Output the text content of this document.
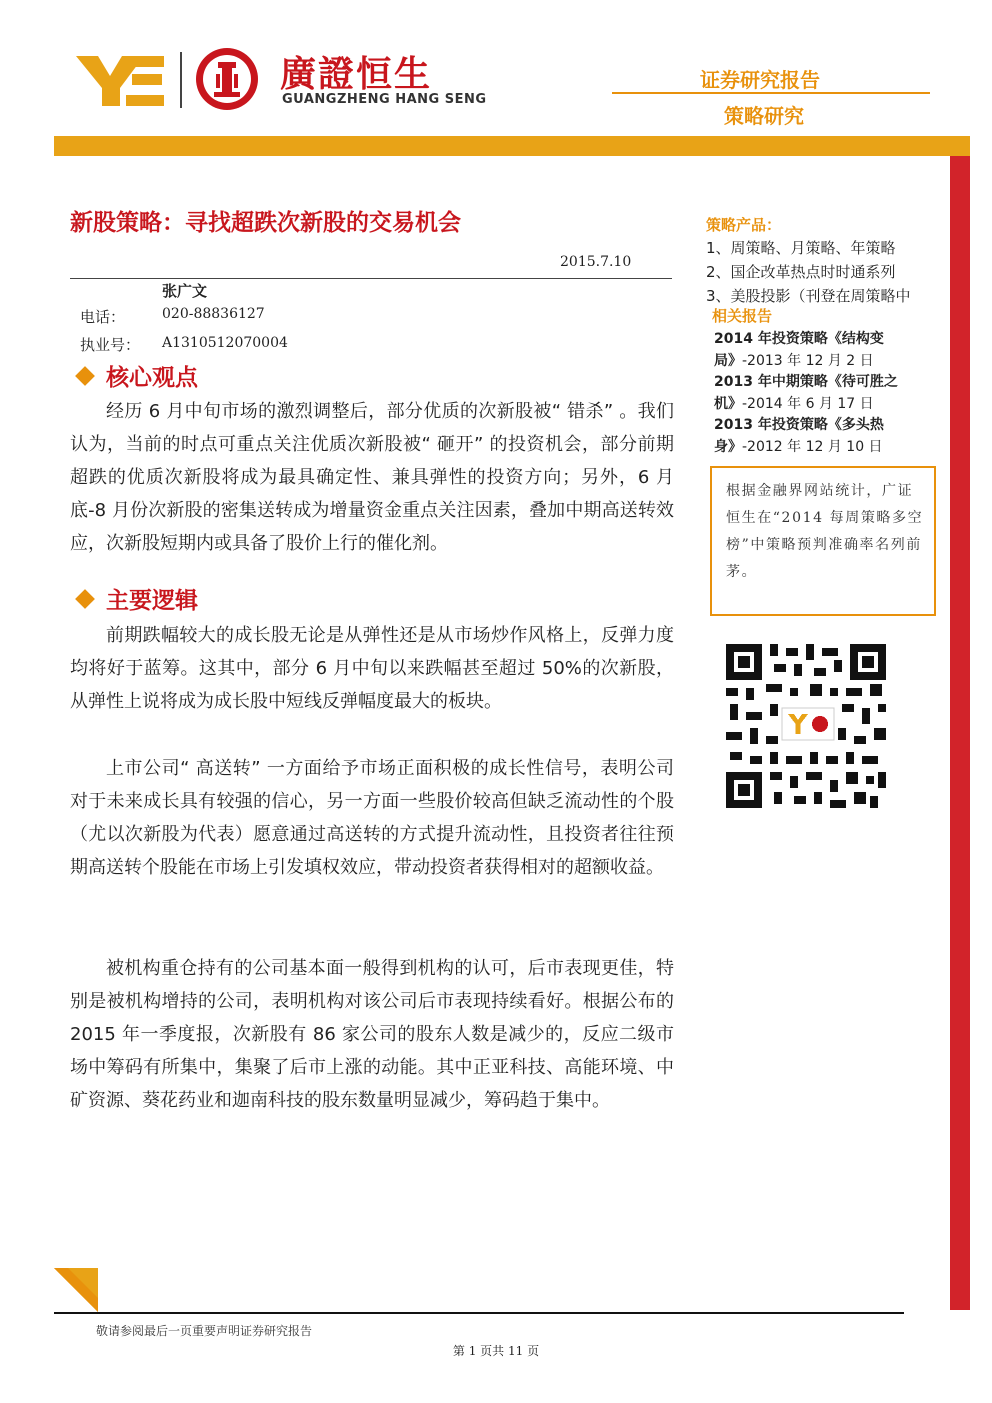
廣證恒生
GUANGZHENG HANG SENG
证券研究报告
策略研究
新股策略：寻找超跌次新股的交易机会
2015.7.10
张广文
电话：	020-88836127
执业号： A1310512070004
核心观点
经历 6 月中旬市场的激烈调整后，部分优质的次新股被“ 错杀” 。我们认为，当前的时点可重点关注优质次新股被“ 砸开” 的投资机会，部分前期超跌的优质次新股将成为最具确定性、兼具弹性的投资方向；另外，6 月底-8 月份次新股的密集送转成为增量资金重点关注因素，叠加中期高送转效应，次新股短期内或具备了股价上行的催化剂。
主要逻辑
前期跌幅较大的成长股无论是从弹性还是从市场炒作风格上，反弹力度均将好于蓝筹。这其中，部分 6 月中旬以来跌幅甚至超过 50%的次新股，从弹性上说将成为成长股中短线反弹幅度最大的板块。
上市公司“ 高送转” 一方面给予市场正面积极的成长性信号，表明公司对于未来成长具有较强的信心，另一方面一些股价较高但缺乏流动性的个股（尤以次新股为代表）愿意通过高送转的方式提升流动性，且投资者往往预期高送转个股能在市场上引发填权效应，带动投资者获得相对的超额收益。
被机构重仓持有的公司基本面一般得到机构的认可，后市表现更佳，特别是被机构增持的公司，表明机构对该公司后市表现持续看好。根据公布的 2015 年一季度报，次新股有 86 家公司的股东人数是减少的，反应二级市场中筹码有所集中，集聚了后市上涨的动能。其中正亚科技、高能环境、中矿资源、葵花药业和迦南科技的股东数量明显减少，筹码趋于集中。
策略产品：
1、周策略、月策略、年策略
2、国企改革热点时时通系列
3、美股投影（刊登在周策略中
相关报告
2014 年投资策略《结构变局》-2013 年 12 月 2 日
2013 年中期策略《待可胜之机》-2014 年 6 月 17 日
2013 年投资策略《多头热身》-2012 年 12 月 10 日
根据金融界网站统计，广证恒生在“2014 每周策略多空榜”中策略预判准确率名列前茅。
敬请参阅最后一页重要声明证券研究报告
第 1 页共 11 页
